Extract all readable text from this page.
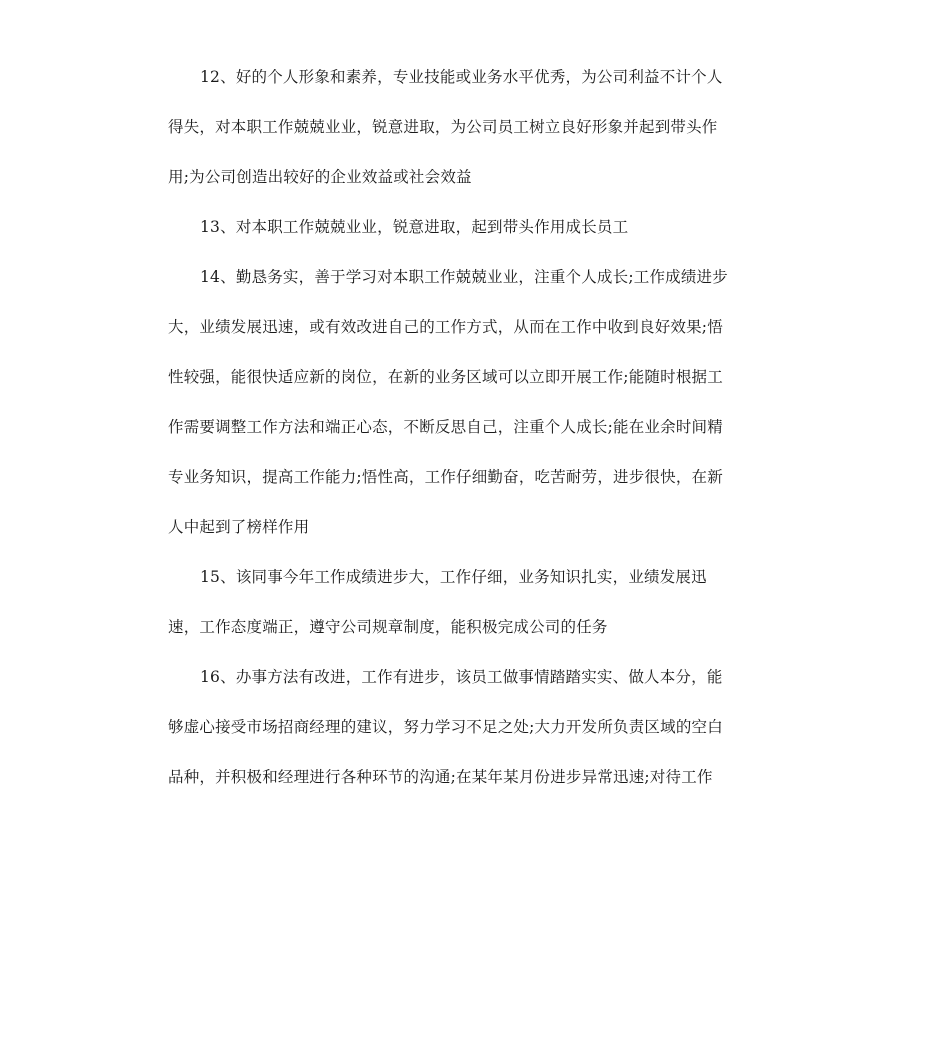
12、好的个人形象和素养，专业技能或业务水平优秀，为公司利益不计个人
得失，对本职工作兢兢业业，锐意进取，为公司员工树立良好形象并起到带头作
用;为公司创造出较好的企业效益或社会效益
13、对本职工作兢兢业业，锐意进取，起到带头作用成长员工
14、勤恳务实，善于学习对本职工作兢兢业业，注重个人成长;工作成绩进步
大，业绩发展迅速，或有效改进自己的工作方式，从而在工作中收到良好效果;悟
性较强，能很快适应新的岗位，在新的业务区域可以立即开展工作;能随时根据工
作需要调整工作方法和端正心态，不断反思自己，注重个人成长;能在业余时间精
专业务知识，提高工作能力;悟性高，工作仔细勤奋，吃苦耐劳，进步很快，在新
人中起到了榜样作用
15、该同事今年工作成绩进步大，工作仔细，业务知识扎实，业绩发展迅
速，工作态度端正，遵守公司规章制度，能积极完成公司的任务
16、办事方法有改进，工作有进步，该员工做事情踏踏实实、做人本分，能
够虚心接受市场招商经理的建议，努力学习不足之处;大力开发所负责区域的空白
品种，并积极和经理进行各种环节的沟通;在某年某月份进步异常迅速;对待工作
